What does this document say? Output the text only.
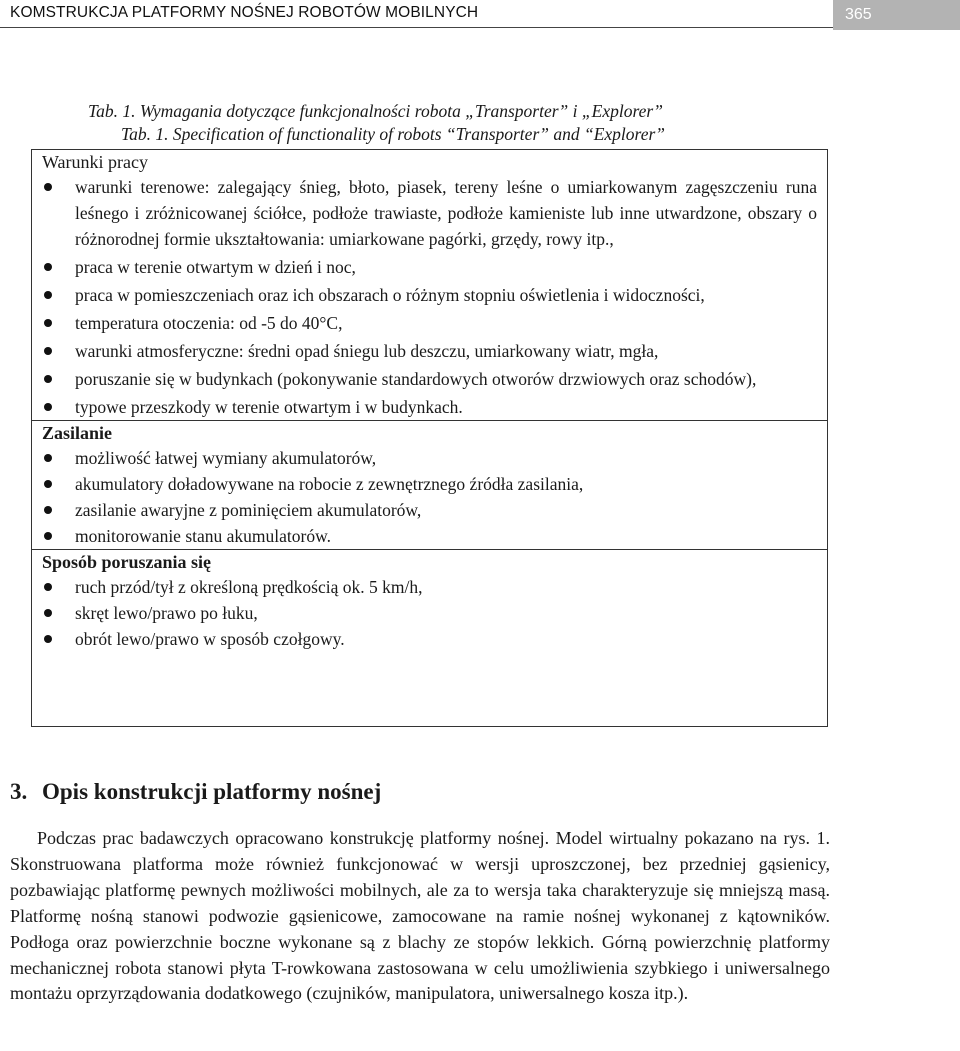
KOMSTRUKCJA PLATFORMY NOŚNEJ ROBOTÓW MOBILNYCH	365
Tab. 1. Wymagania dotyczące funkcjonalności robota „Transporter” i „Explorer”
Tab. 1. Specification of functionality of robots “Transporter” and “Explorer”
Warunki pracy
warunki terenowe: zalegający śnieg, błoto, piasek, tereny leśne o umiarkowanym zagęszczeniu runa leśnego i zróżnicowanej ściółce, podłoże trawiaste, podłoże kamieniste lub inne utwardzone, obszary o różnorodnej formie ukształtowania: umiarkowane pagórki, grzędy, rowy itp.,
praca w terenie otwartym w dzień i noc,
praca w pomieszczeniach oraz ich obszarach o różnym stopniu oświetlenia i widoczności,
temperatura otoczenia: od -5 do 40°C,
warunki atmosferyczne: średni opad śniegu lub deszczu, umiarkowany wiatr, mgła,
poruszanie się w budynkach (pokonywanie standardowych otworów drzwiowych oraz schodów),
typowe przeszkody w terenie otwartym i w budynkach.
Zasilanie
możliwość łatwej wymiany akumulatorów,
akumulatory doładowywane na robocie z zewnętrznego źródła zasilania,
zasilanie awaryjne z pominięciem akumulatorów,
monitorowanie stanu akumulatorów.
Sposób poruszania się
ruch przód/tył z określoną prędkością ok. 5 km/h,
skręt lewo/prawo po łuku,
obrót lewo/prawo w sposób czołgowy.
3. Opis konstrukcji platformy nośnej
Podczas prac badawczych opracowano konstrukcję platformy nośnej. Model wirtualny pokazano na rys. 1. Skonstruowana platforma może również funkcjonować w wersji uproszczonej, bez przedniej gąsienicy, pozbawiając platformę pewnych możliwości mobilnych, ale za to wersja taka charakteryzuje się mniejszą masą. Platformę nośną stanowi podwozie gąsienicowe, zamocowane na ramie nośnej wykonanej z kątowników. Podłoga oraz powierzchnie boczne wykonane są z blachy ze stopów lekkich. Górną powierzchnię platformy mechanicznej robota stanowi płyta T-rowkowana zastosowana w celu umożliwienia szybkiego i uniwersalnego montażu oprzyrządowania dodatkowego (czujników, manipulatora, uniwersalnego kosza itp.).
